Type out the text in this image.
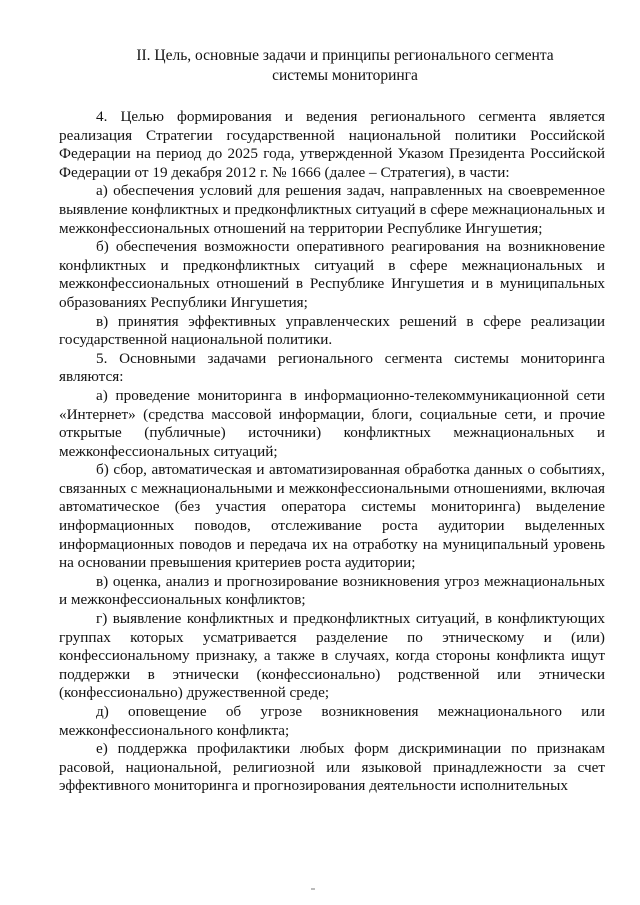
II. Цель, основные задачи и принципы регионального сегмента
системы мониторинга

4. Целью формирования и ведения регионального сегмента является реализация Стратегии государственной национальной политики Российской Федерации на период до 2025 года, утвержденной Указом Президента Российской Федерации от 19 декабря 2012 г. № 1666 (далее – Стратегия), в части:

а) обеспечения условий для решения задач, направленных на своевременное выявление конфликтных и предконфликтных ситуаций в сфере межнациональных и межконфессиональных отношений на территории Республике Ингушетия;

б) обеспечения возможности оперативного реагирования на возникновение конфликтных и предконфликтных ситуаций в сфере межнациональных и межконфессиональных отношений в Республике Ингушетия и в муниципальных образованиях Республики Ингушетия;

в) принятия эффективных управленческих решений в сфере реализации государственной национальной политики.

5. Основными задачами регионального сегмента системы мониторинга являются:

а) проведение мониторинга в информационно-телекоммуникационной сети «Интернет» (средства массовой информации, блоги, социальные сети, и прочие открытые (публичные) источники) конфликтных межнациональных и межконфессиональных ситуаций;

б) сбор, автоматическая и автоматизированная обработка данных о событиях, связанных с межнациональными и межконфессиональными отношениями, включая автоматическое (без участия оператора системы мониторинга) выделение информационных поводов, отслеживание роста аудитории выделенных информационных поводов и передача их на отработку на муниципальный уровень на основании превышения критериев роста аудитории;

в) оценка, анализ и прогнозирование возникновения угроз межнациональных и межконфессиональных конфликтов;

г) выявление конфликтных и предконфликтных ситуаций, в конфликтующих группах которых усматривается разделение по этническому и (или) конфессиональному признаку, а также в случаях, когда стороны конфликта ищут поддержки в этнически (конфессионально) родственной или этнически (конфессионально) дружественной среде;

д) оповещение об угрозе возникновения межнационального или межконфессионального конфликта;

е) поддержка профилактики любых форм дискриминации по признакам расовой, национальной, религиозной или языковой принадлежности за счет эффективного мониторинга и прогнозирования деятельности исполнительных
